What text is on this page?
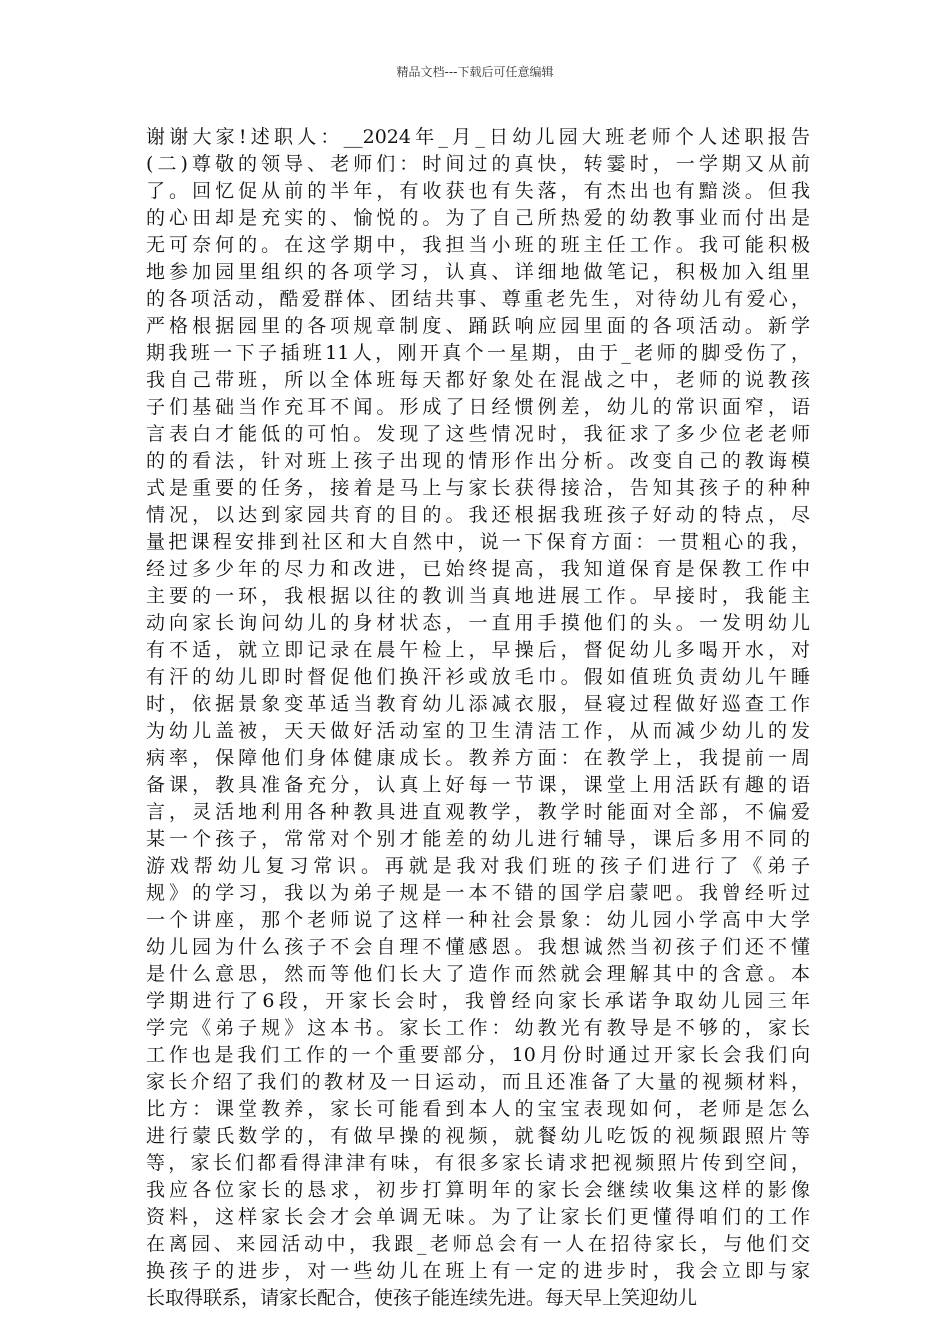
精品文档---下载后可任意编辑
谢谢大家!述职人：__2024年_月_日幼儿园大班老师个人述职报告
(二)尊敬的领导、老师们：时间过的真快，转霎时，一学期又从前
了。回忆促从前的半年，有收获也有失落，有杰出也有黯淡。但我
的心田却是充实的、愉悦的。为了自己所热爱的幼教事业而付出是
无可奈何的。在这学期中，我担当小班的班主任工作。我可能积极
地参加园里组织的各项学习，认真、详细地做笔记，积极加入组里
的各项活动，酷爱群体、团结共事、尊重老先生，对待幼儿有爱心，
严格根据园里的各项规章制度、踊跃响应园里面的各项活动。新学
期我班一下子插班11人，刚开真个一星期，由于_老师的脚受伤了，
我自己带班，所以全体班每天都好象处在混战之中，老师的说教孩
子们基础当作充耳不闻。形成了日经惯例差，幼儿的常识面窄，语
言表白才能低的可怕。发现了这些情况时，我征求了多少位老老师
的的看法，针对班上孩子出现的情形作出分析。改变自己的教诲模
式是重要的任务，接着是马上与家长获得接洽，告知其孩子的种种
情况，以达到家园共育的目的。我还根据我班孩子好动的特点，尽
量把课程安排到社区和大自然中，说一下保育方面：一贯粗心的我，
经过多少年的尽力和改进，已始终提高，我知道保育是保教工作中
主要的一环，我根据以往的教训当真地进展工作。早接时，我能主
动向家长询问幼儿的身材状态，一直用手摸他们的头。一发明幼儿
有不适，就立即记录在晨午检上，早操后，督促幼儿多喝开水，对
有汗的幼儿即时督促他们换汗衫或放毛巾。假如值班负责幼儿午睡
时，依据景象变革适当教育幼儿添减衣服，昼寝过程做好巡查工作
为幼儿盖被，天天做好活动室的卫生清洁工作，从而减少幼儿的发
病率，保障他们身体健康成长。教养方面：在教学上，我提前一周
备课，教具准备充分，认真上好每一节课，课堂上用活跃有趣的语
言，灵活地利用各种教具进直观教学，教学时能面对全部，不偏爱
某一个孩子，常常对个别才能差的幼儿进行辅导，课后多用不同的
游戏帮幼儿复习常识。再就是我对我们班的孩子们进行了《弟子
规》的学习，我以为弟子规是一本不错的国学启蒙吧。我曾经听过
一个讲座，那个老师说了这样一种社会景象：幼儿园小学高中大学
幼儿园为什么孩子不会自理不懂感恩。我想诚然当初孩子们还不懂
是什么意思，然而等他们长大了造作而然就会理解其中的含意。本
学期进行了6段，开家长会时，我曾经向家长承诺争取幼儿园三年
学完《弟子规》这本书。家长工作：幼教光有教导是不够的，家长
工作也是我们工作的一个重要部分，10月份时通过开家长会我们向
家长介绍了我们的教材及一日运动，而且还准备了大量的视频材料，
比方：课堂教养，家长可能看到本人的宝宝表现如何，老师是怎么
进行蒙氏数学的，有做早操的视频，就餐幼儿吃饭的视频跟照片等
等，家长们都看得津津有味，有很多家长请求把视频照片传到空间，
我应各位家长的恳求，初步打算明年的家长会继续收集这样的影像
资料，这样家长会才会单调无味。为了让家长们更懂得咱们的工作
在离园、来园活动中，我跟_老师总会有一人在招待家长，与他们交
换孩子的进步，对一些幼儿在班上有一定的进步时，我会立即与家
长取得联系，请家长配合，使孩子能连续先进。每天早上笑迎幼儿
